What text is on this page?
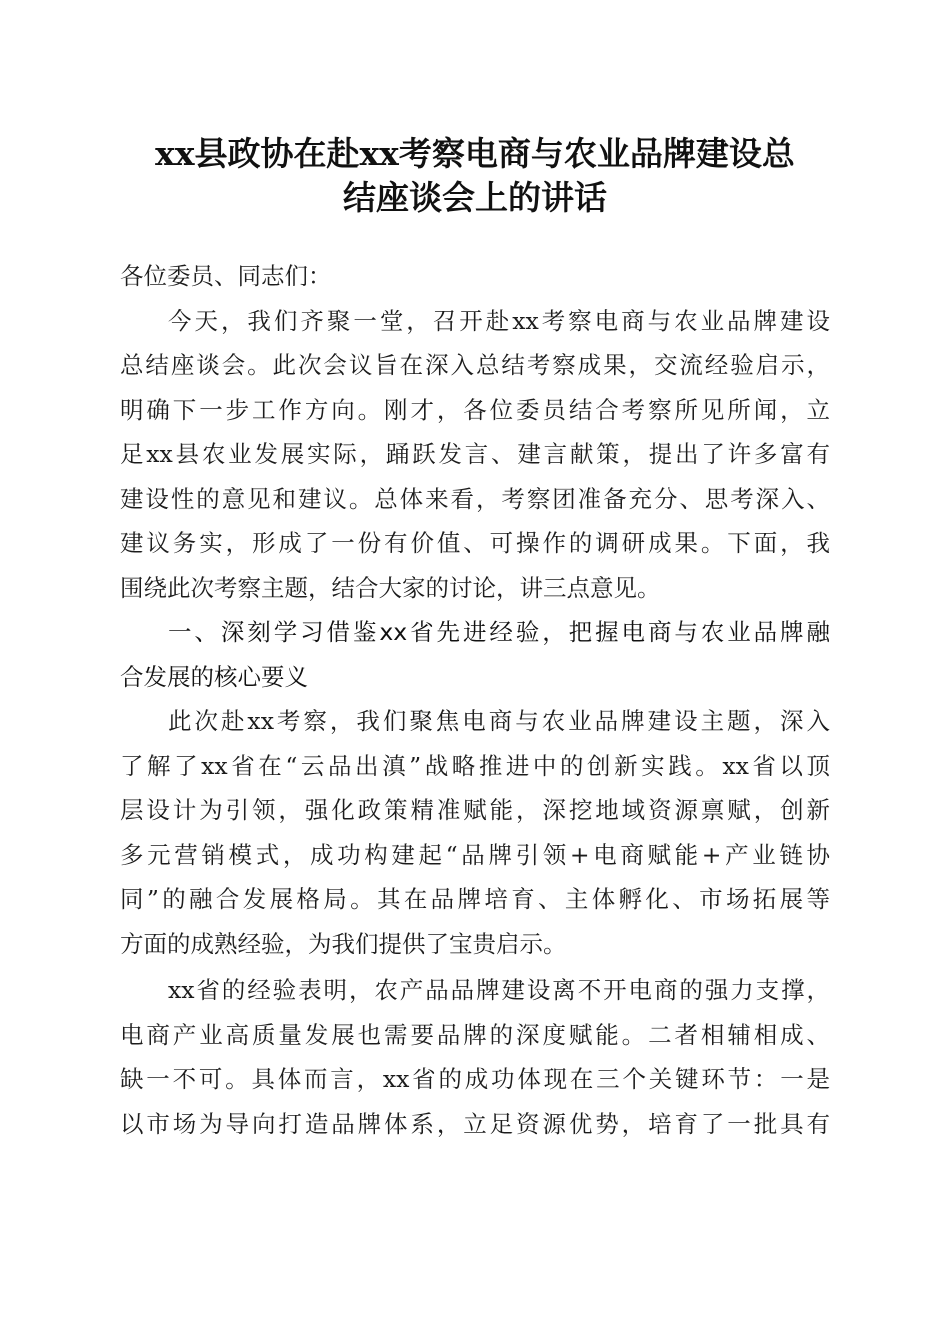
xx县政协在赴xx考察电商与农业品牌建设总
结座谈会上的讲话
各位委员、同志们：
今天，我们齐聚一堂，召开赴xx考察电商与农业品牌建设
总结座谈会。此次会议旨在深入总结考察成果，交流经验启示，
明确下一步工作方向。刚才，各位委员结合考察所见所闻，立
足xx县农业发展实际，踊跃发言、建言献策，提出了许多富有
建设性的意见和建议。总体来看，考察团准备充分、思考深入、
建议务实，形成了一份有价值、可操作的调研成果。下面，我
围绕此次考察主题，结合大家的讨论，讲三点意见。
一、深刻学习借鉴xx省先进经验，把握电商与农业品牌融
合发展的核心要义
此次赴xx考察，我们聚焦电商与农业品牌建设主题，深入
了解了xx省在“云品出滇”战略推进中的创新实践。xx省以顶
层设计为引领，强化政策精准赋能，深挖地域资源禀赋，创新
多元营销模式，成功构建起“品牌引领+电商赋能+产业链协
同”的融合发展格局。其在品牌培育、主体孵化、市场拓展等
方面的成熟经验，为我们提供了宝贵启示。
xx省的经验表明，农产品品牌建设离不开电商的强力支撑，
电商产业高质量发展也需要品牌的深度赋能。二者相辅相成、
缺一不可。具体而言，xx省的成功体现在三个关键环节：一是
以市场为导向打造品牌体系，立足资源优势，培育了一批具有
